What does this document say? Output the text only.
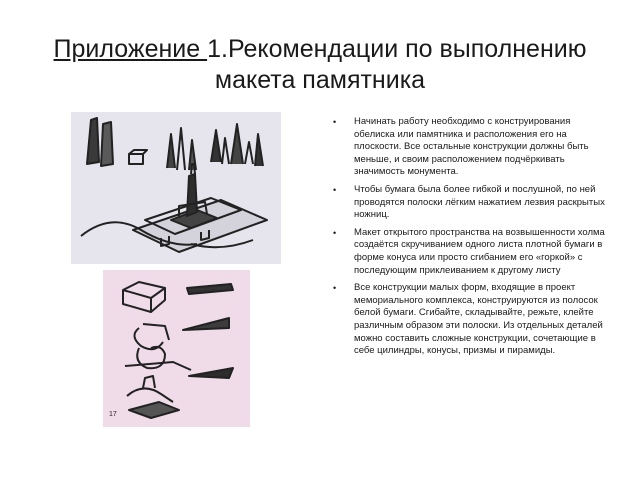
Приложение 1.Рекомендации по выполнению
макета памятника
17
• Начинать работу необходимо с конструирования обелиска или памятника и расположения его на плоскости. Все остальные конструкции должны быть меньше, и своим расположением подчёркивать значимость монумента.
• Чтобы бумага была более гибкой и послушной, по ней проводятся полоски лёгким нажатием лезвия раскрытых ножниц.
• Макет открытого пространства на возвышенности холма создаётся скручиванием одного листа плотной бумаги в форме конуса или просто сгибанием его «горкой» с последующим приклеиванием к другому листу
• Все конструкции малых форм, входящие в проект мемориального комплекса, конструируются из полосок белой бумаги. Сгибайте, складывайте, режьте, клейте различным образом эти полоски. Из отдельных деталей можно составить сложные конструкции, сочетающие в себе цилиндры, конусы, призмы и пирамиды.
